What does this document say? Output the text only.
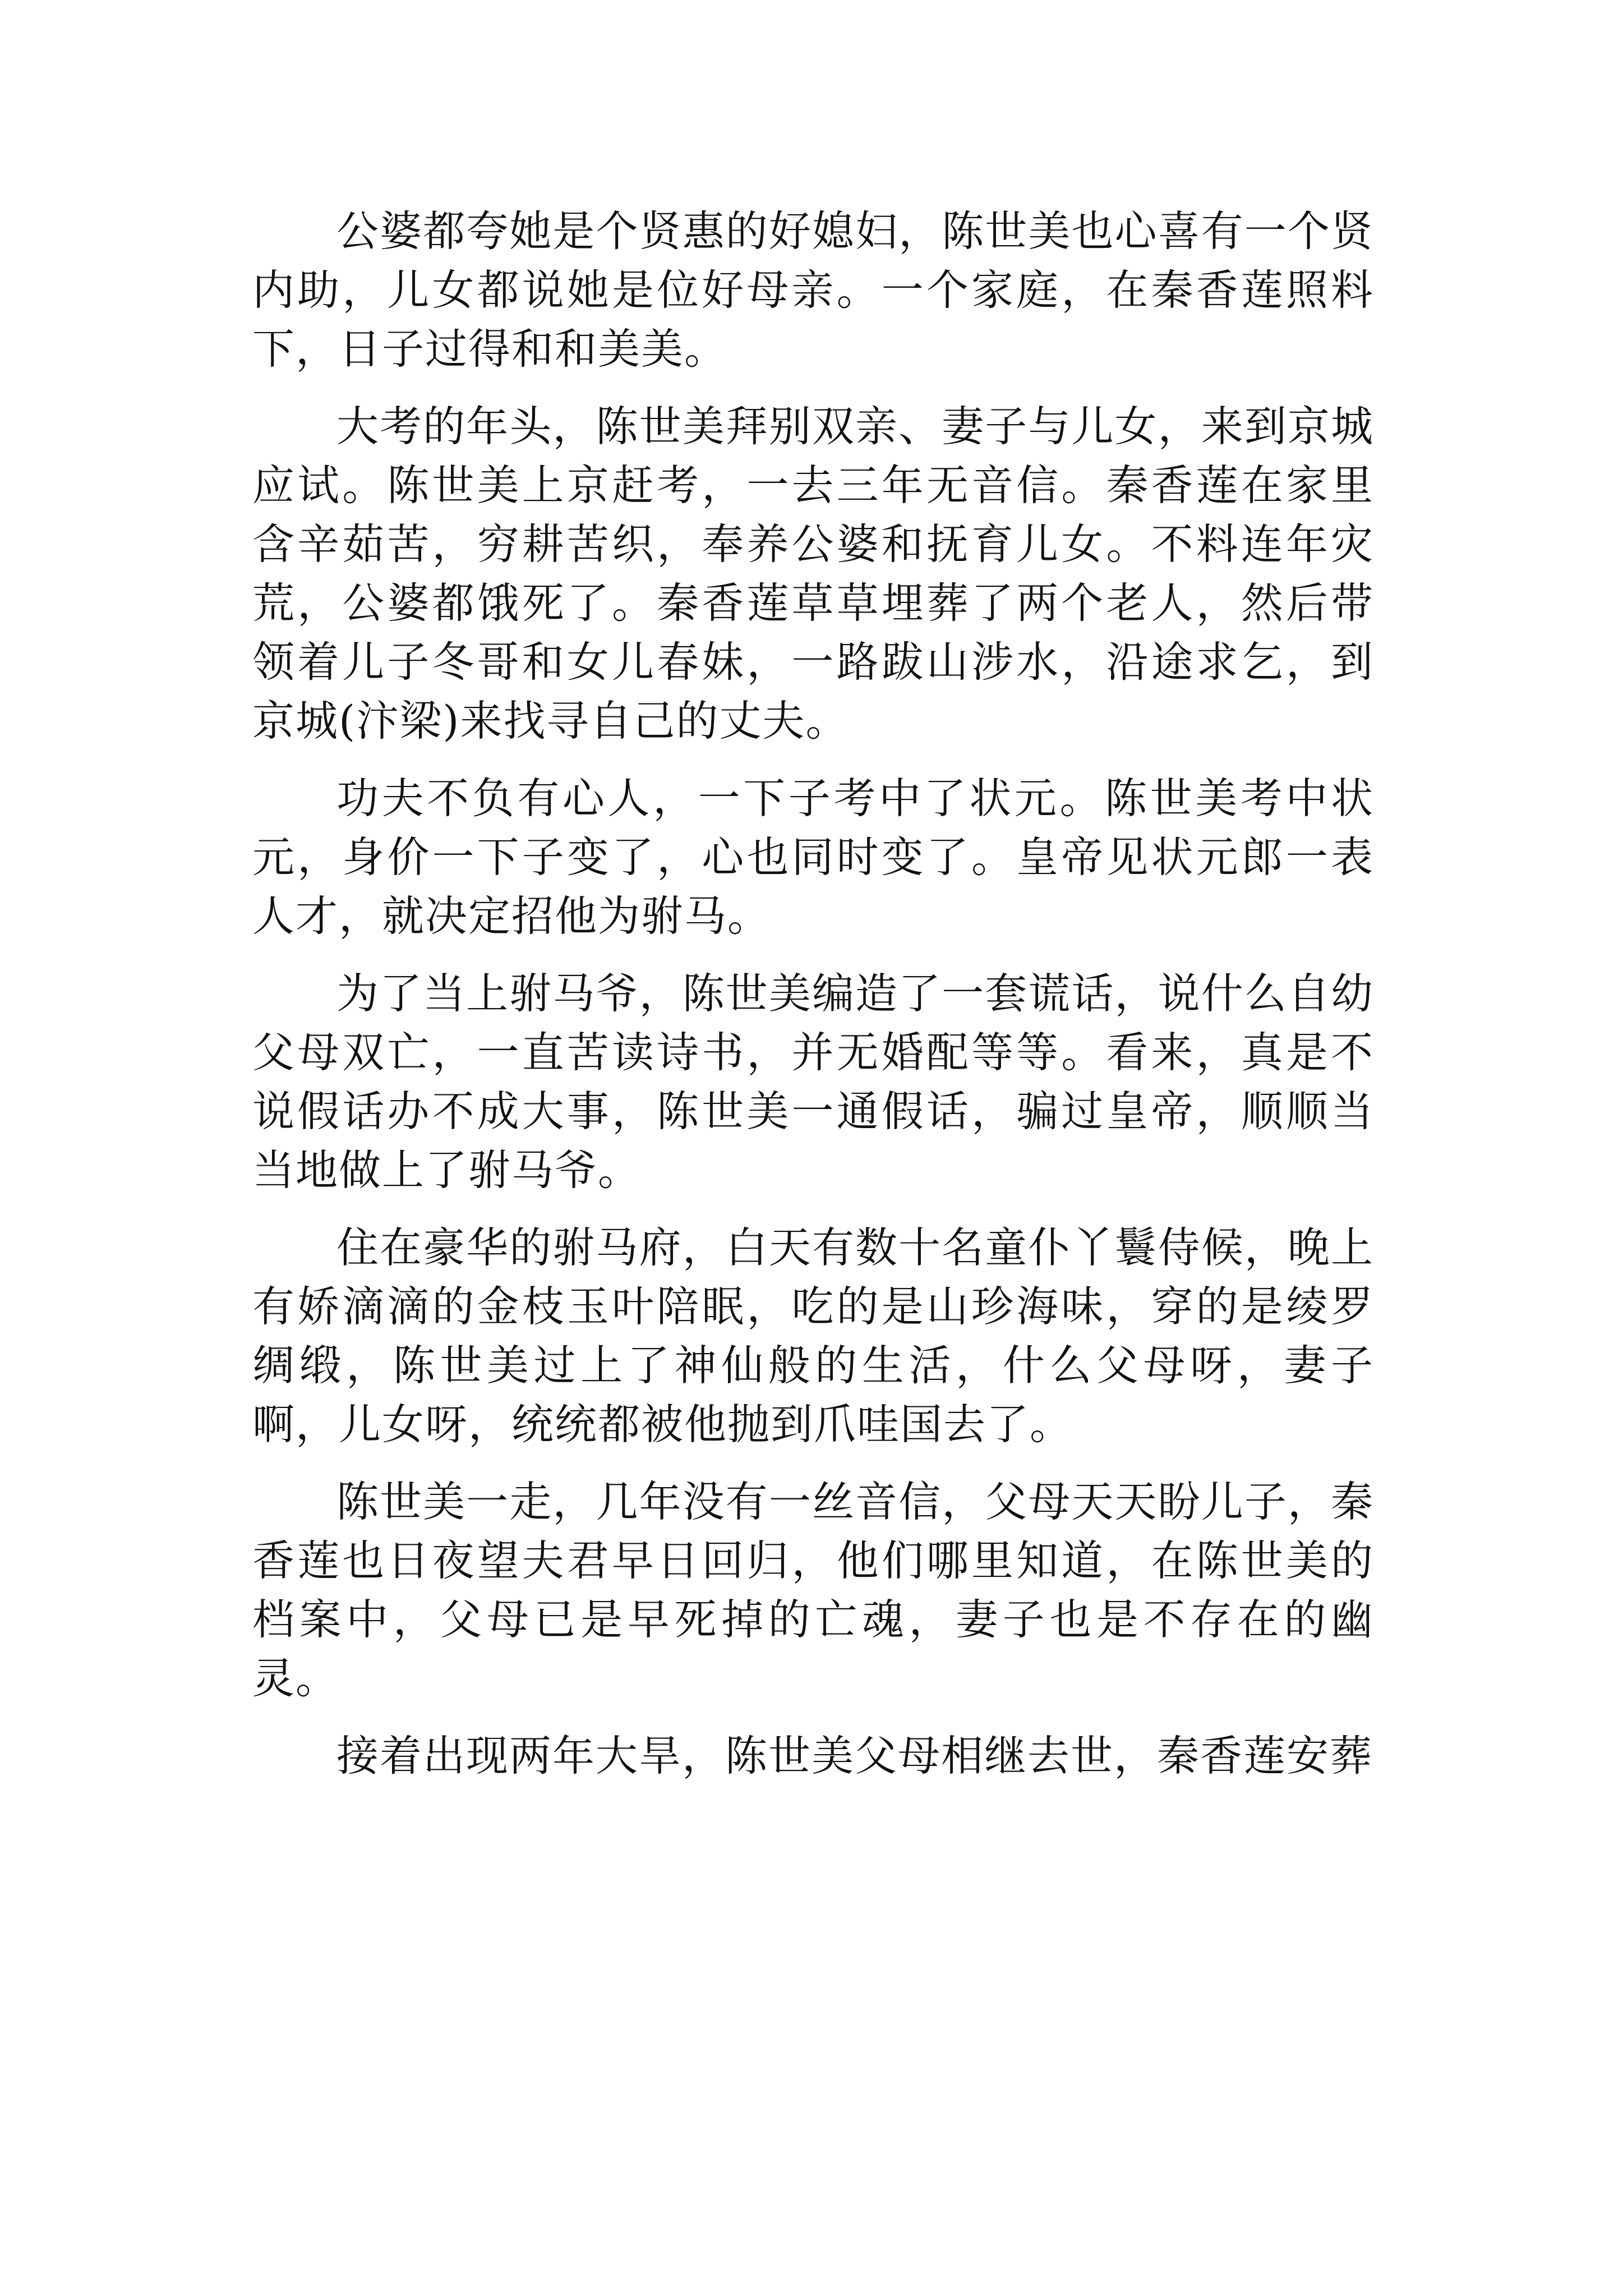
公婆都夸她是个贤惠的好媳妇，陈世美也心喜有一个贤内助，儿女都说她是位好母亲。一个家庭，在秦香莲照料下，日子过得和和美美。

大考的年头，陈世美拜别双亲、妻子与儿女，来到京城应试。陈世美上京赶考，一去三年无音信。秦香莲在家里含辛茹苦，穷耕苦织，奉养公婆和抚育儿女。不料连年灾荒，公婆都饿死了。秦香莲草草埋葬了两个老人，然后带领着儿子冬哥和女儿春妹，一路跋山涉水，沿途求乞，到京城(汴梁)来找寻自己的丈夫。

功夫不负有心人，一下子考中了状元。陈世美考中状元，身价一下子变了，心也同时变了。皇帝见状元郎一表人才，就决定招他为驸马。

为了当上驸马爷，陈世美编造了一套谎话，说什么自幼父母双亡，一直苦读诗书，并无婚配等等。看来，真是不说假话办不成大事，陈世美一通假话，骗过皇帝，顺顺当当地做上了驸马爷。

住在豪华的驸马府，白天有数十名童仆丫鬟侍候，晚上有娇滴滴的金枝玉叶陪眠，吃的是山珍海味，穿的是绫罗绸缎，陈世美过上了神仙般的生活，什么父母呀，妻子啊，儿女呀，统统都被他抛到爪哇国去了。

陈世美一走，几年没有一丝音信，父母天天盼儿子，秦香莲也日夜望夫君早日回归，他们哪里知道，在陈世美的档案中，父母已是早死掉的亡魂，妻子也是不存在的幽灵。

接着出现两年大旱，陈世美父母相继去世，秦香莲安葬
